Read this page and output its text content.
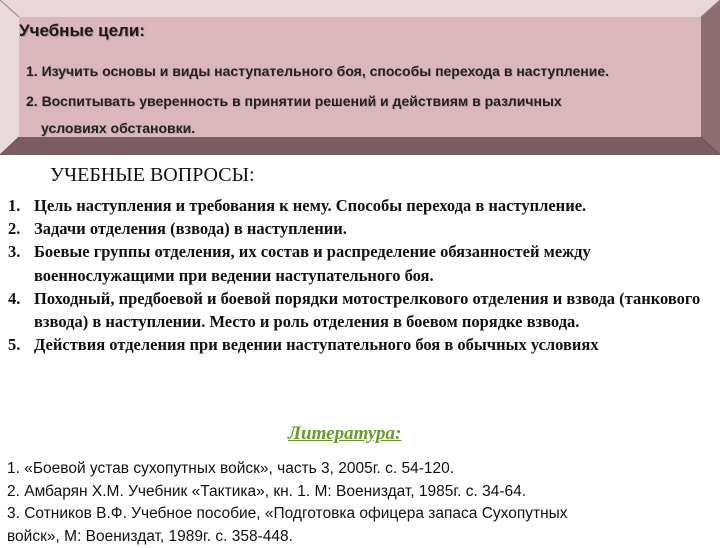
Учебные цели:
1. Изучить основы и виды наступательного боя, способы перехода в наступление.
2. Воспитывать уверенность в принятии решений и действиям в различных
условиях обстановки.
УЧЕБНЫЕ ВОПРОСЫ:
1. Цель наступления и требования к нему. Способы перехода в наступление.
2. Задачи отделения (взвода) в наступлении.
3. Боевые группы отделения, их состав и распределение обязанностей между военнослужащими при ведении наступательного боя.
4. Походный, предбоевой и боевой порядки мотострелкового отделения и взвода (танкового взвода) в наступлении. Место и роль отделения в боевом порядке взвода.
5. Действия отделения при ведении наступательного боя в обычных условиях
Литература:
1. «Боевой устав сухопутных войск», часть 3, 2005г. с. 54-120.
2. Амбарян Х.М. Учебник «Тактика», кн. 1. М: Воениздат, 1985г. с. 34-64.
3. Сотников В.Ф. Учебное пособие, «Подготовка офицера запаса Сухопутных
войск», М: Воениздат, 1989г. с. 358-448.
